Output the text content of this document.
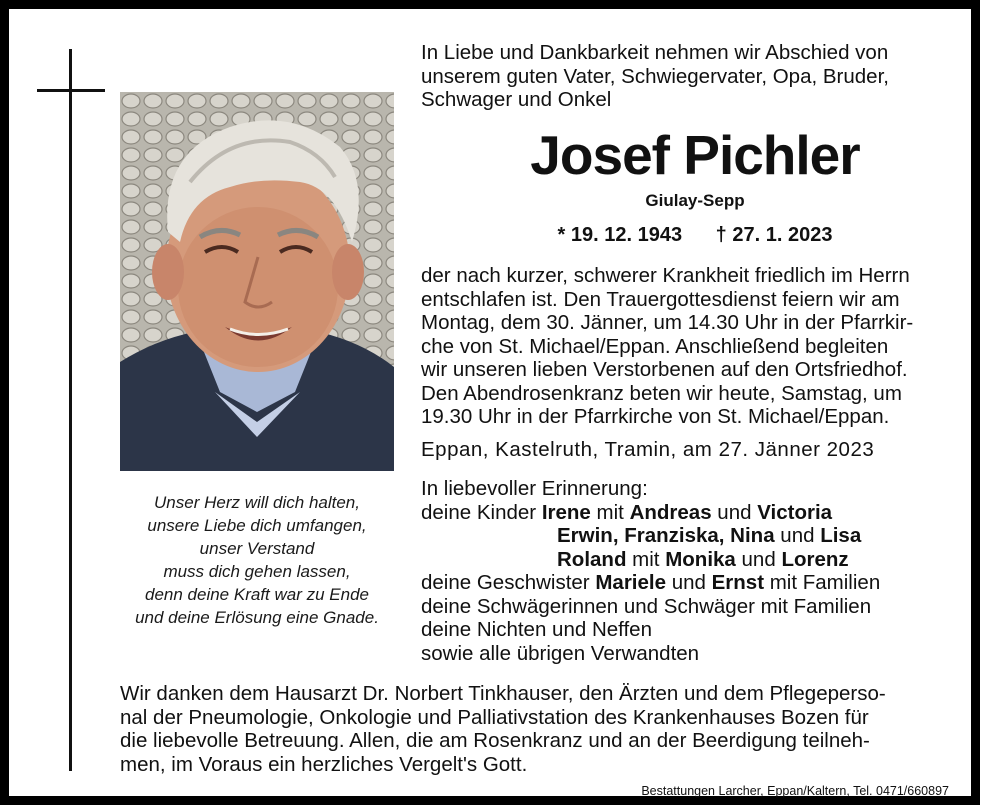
Unser Herz will dich halten,
unsere Liebe dich umfangen,
unser Verstand
muss dich gehen lassen,
denn deine Kraft war zu Ende
und deine Erlösung eine Gnade.
In Liebe und Dankbarkeit nehmen wir Abschied von
unserem guten Vater, Schwiegervater, Opa, Bruder,
Schwager und Onkel
Josef Pichler
Giulay-Sepp
* 19. 12. 1943 † 27. 1. 2023
der nach kurzer, schwerer Krankheit friedlich im Herrn
entschlafen ist. Den Trauergottesdienst feiern wir am
Montag, dem 30. Jänner, um 14.30 Uhr in der Pfarrkir-
che von St. Michael/Eppan. Anschließend begleiten
wir unseren lieben Verstorbenen auf den Ortsfriedhof.
Den Abendrosenkranz beten wir heute, Samstag, um
19.30 Uhr in der Pfarrkirche von St. Michael/Eppan.
Eppan, Kastelruth, Tramin, am 27. Jänner 2023
In liebevoller Erinnerung:
deine Kinder Irene mit Andreas und Victoria
Erwin, Franziska, Nina und Lisa
Roland mit Monika und Lorenz
deine Geschwister Mariele und Ernst mit Familien
deine Schwägerinnen und Schwäger mit Familien
deine Nichten und Neffen
sowie alle übrigen Verwandten
Wir danken dem Hausarzt Dr. Norbert Tinkhauser, den Ärzten und dem Pflegeperso-
nal der Pneumologie, Onkologie und Palliativstation des Krankenhauses Bozen für
die liebevolle Betreuung. Allen, die am Rosenkranz und an der Beerdigung teilneh-
men, im Voraus ein herzliches Vergelt's Gott.
Bestattungen Larcher, Eppan/Kaltern, Tel. 0471/660897
